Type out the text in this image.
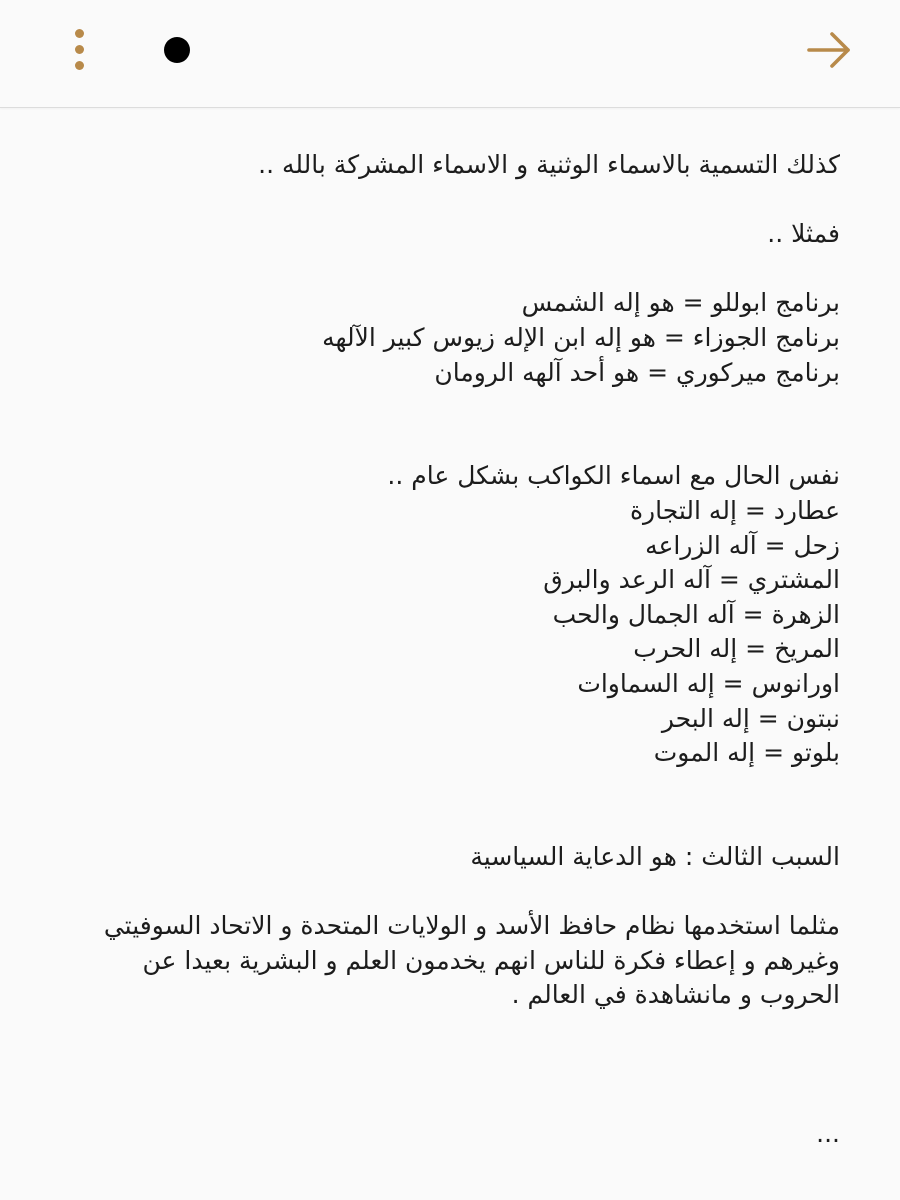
كذلك التسمية بالاسماء الوثنية و الاسماء المشركة بالله ..
فمثلا ..
برنامج ابوللو = هو إله الشمس
برنامج الجوزاء = هو إله ابن الإله زيوس كبير الآلهه
برنامج ميركوري = هو أحد آلهه الرومان
نفس الحال مع اسماء الكواكب بشكل عام ..
عطارد = إله التجارة
زحل = آله الزراعه
المشتري = آله الرعد والبرق
الزهرة = آله الجمال والحب
المريخ = إله الحرب
اورانوس = إله السماوات
نبتون = إله البحر
بلوتو = إله الموت
السبب الثالث : هو الدعاية السياسية
مثلما استخدمها نظام حافظ الأسد و الولايات المتحدة و الاتحاد السوفيتي
وغيرهم و إعطاء فكرة للناس انهم يخدمون العلم و البشرية بعيدا عن
الحروب و مانشاهدة في العالم .
...
